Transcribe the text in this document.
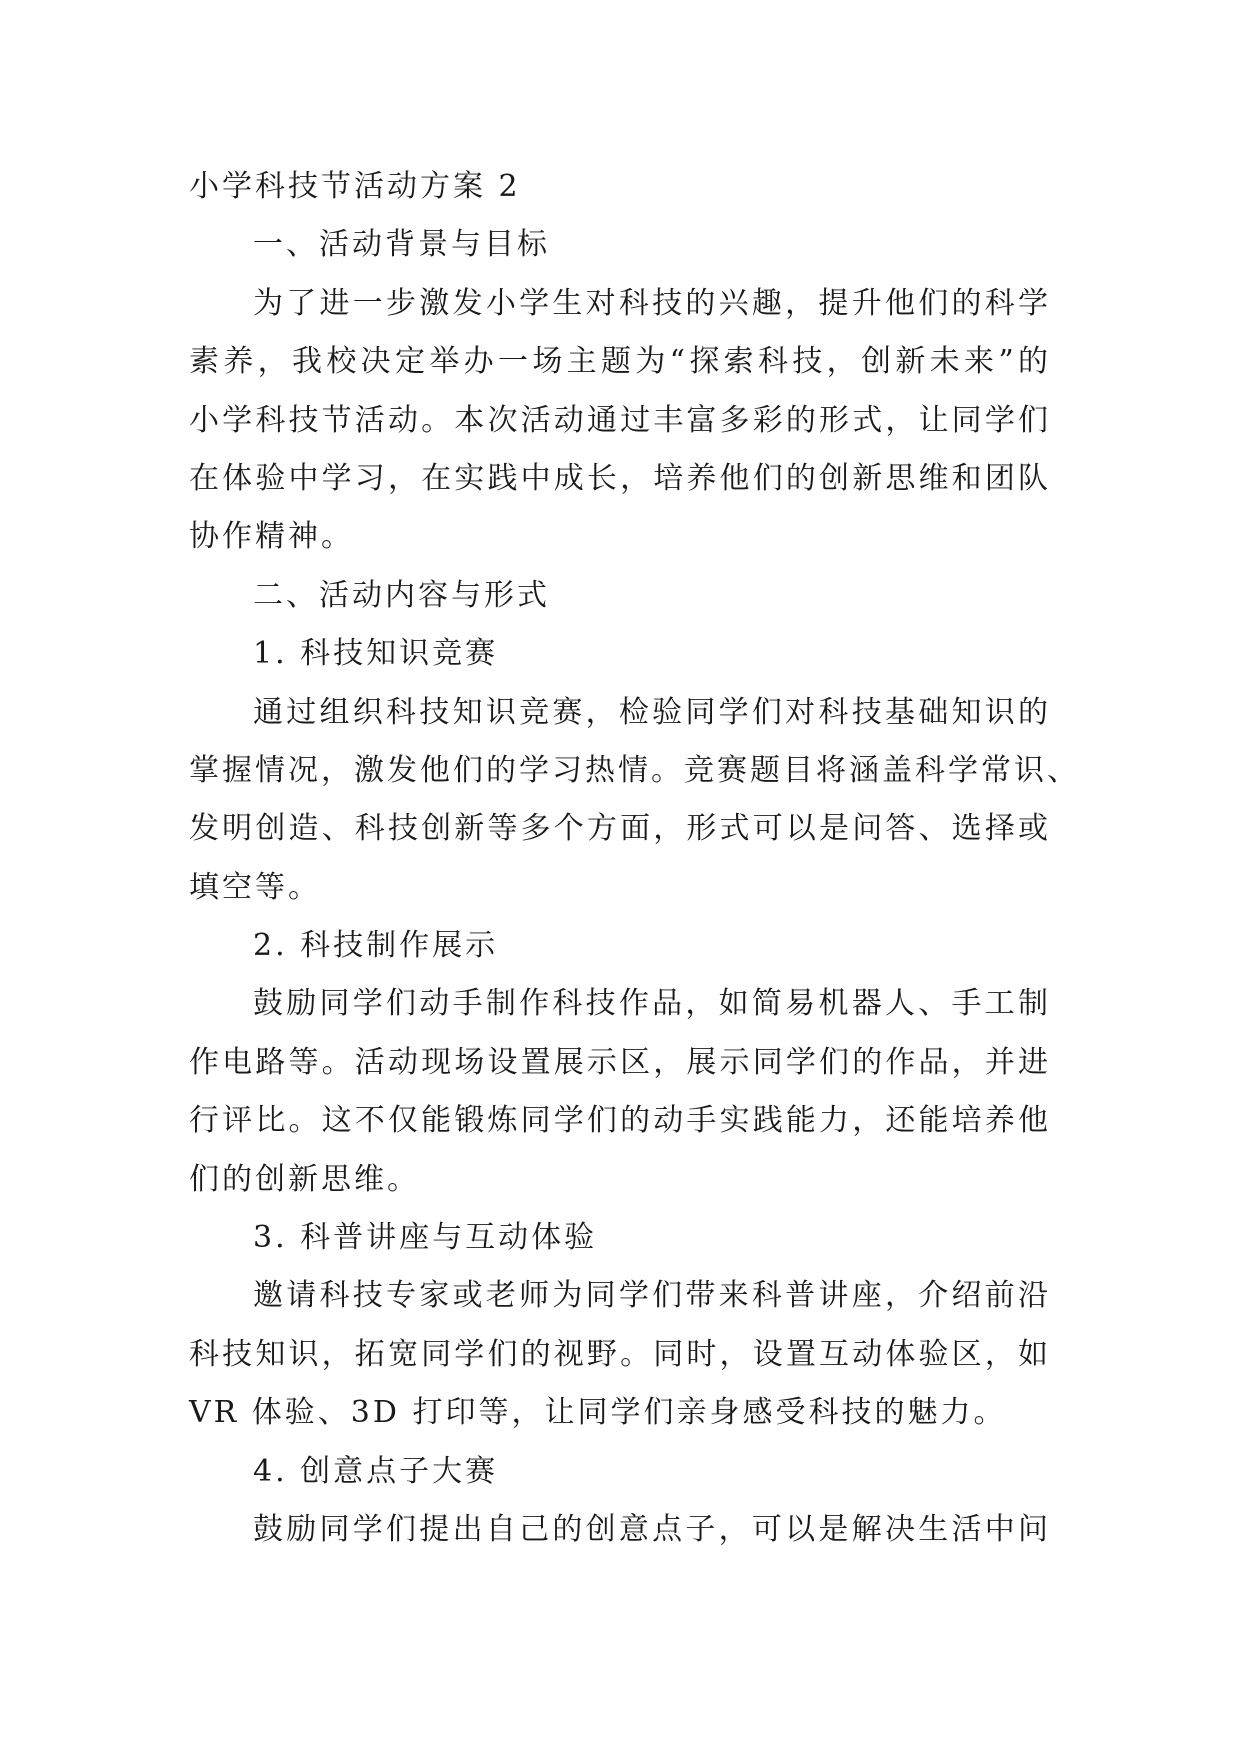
小学科技节活动方案 2

一、活动背景与目标

为了进一步激发小学生对科技的兴趣，提升他们的科学

素养，我校决定举办一场主题为“探索科技，创新未来”的

小学科技节活动。本次活动通过丰富多彩的形式，让同学们

在体验中学习，在实践中成长，培养他们的创新思维和团队

协作精神。

二、活动内容与形式

1. 科技知识竞赛

通过组织科技知识竞赛，检验同学们对科技基础知识的

掌握情况，激发他们的学习热情。竞赛题目将涵盖科学常识、

发明创造、科技创新等多个方面，形式可以是问答、选择或

填空等。

2. 科技制作展示

鼓励同学们动手制作科技作品，如简易机器人、手工制

作电路等。活动现场设置展示区，展示同学们的作品，并进

行评比。这不仅能锻炼同学们的动手实践能力，还能培养他

们的创新思维。

3. 科普讲座与互动体验

邀请科技专家或老师为同学们带来科普讲座，介绍前沿

科技知识，拓宽同学们的视野。同时，设置互动体验区，如

VR 体验、3D 打印等，让同学们亲身感受科技的魅力。

4. 创意点子大赛

鼓励同学们提出自己的创意点子，可以是解决生活中问
